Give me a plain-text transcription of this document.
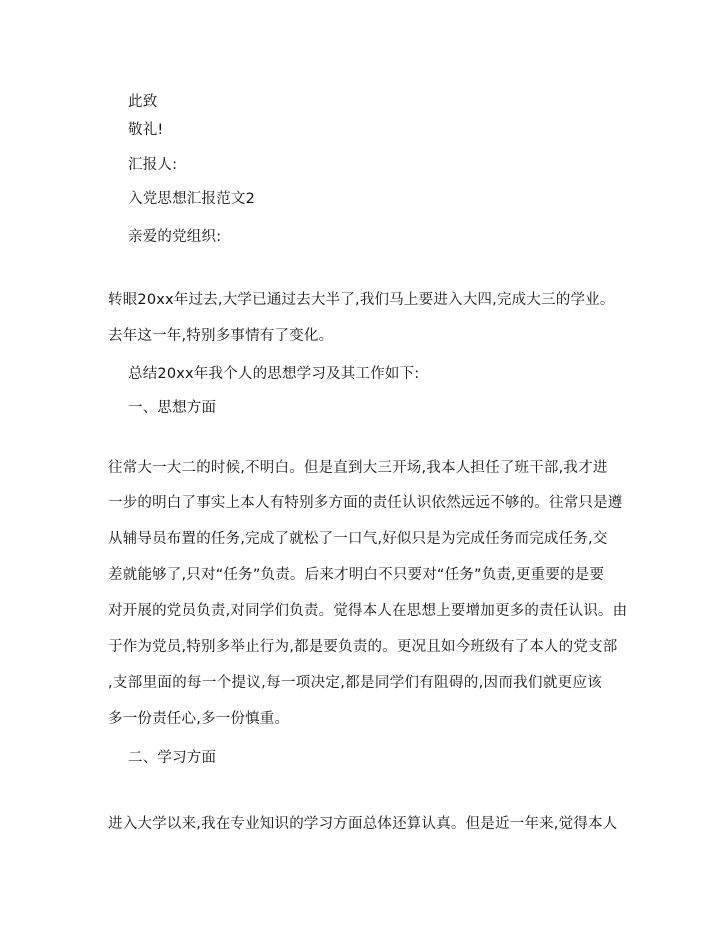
此致
敬礼!
汇报人:
入党思想汇报范文2
亲爱的党组织:
转眼20xx年过去,大学已通过去大半了,我们马上要进入大四,完成大三的学业。
去年这一年,特别多事情有了变化。
总结20xx年我个人的思想学习及其工作如下:
一、思想方面
往常大一大二的时候,不明白。但是直到大三开场,我本人担任了班干部,我才进
一步的明白了事实上本人有特别多方面的责任认识依然远远不够的。往常只是遵
从辅导员布置的任务,完成了就松了一口气,好似只是为完成任务而完成任务,交
差就能够了,只对“任务”负责。后来才明白不只要对“任务”负责,更重要的是要
对开展的党员负责,对同学们负责。觉得本人在思想上要增加更多的责任认识。由
于作为党员,特别多举止行为,都是要负责的。更况且如今班级有了本人的党支部
,支部里面的每一个提议,每一项决定,都是同学们有阻碍的,因而我们就更应该
多一份责任心,多一份慎重。
二、学习方面
进入大学以来,我在专业知识的学习方面总体还算认真。但是近一年来,觉得本人
